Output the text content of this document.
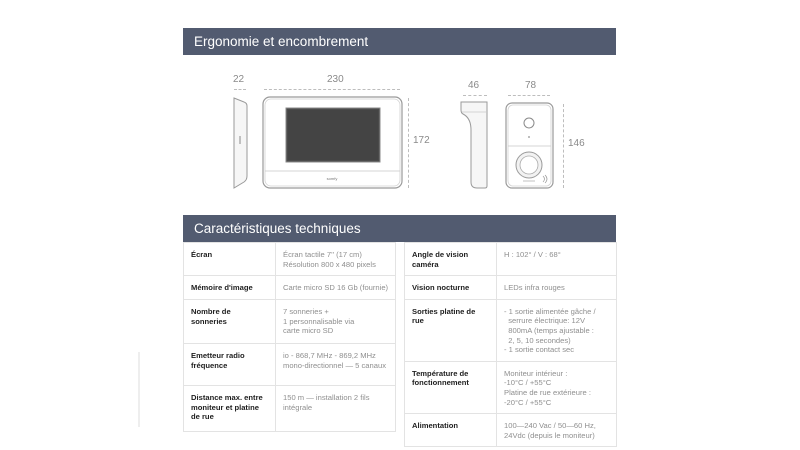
Ergonomie et encombrement
22	230
somfy
172
46	78
146
Caractéristiques techniques
Écran	Écran tactile 7'' (17 cm)
Résolution 800 x 480 pixels

Mémoire d'image	Carte micro SD 16 Gb (fournie)

Nombre de sonneries	7 sonneries +
1 personnalisable via
carte micro SD

Emetteur radio fréquence	io - 868,7 MHz - 869,2 MHz
mono-directionnel — 5 canaux

Distance max. entre moniteur et platine de rue	150 m — installation 2 fils
intégrale
Angle de vision caméra	H : 102° / V : 68°

Vision nocturne	LEDs infra rouges

Sorties platine de rue	- 1 sortie alimentée gâche /
serrure électrique: 12V
800mA (temps ajustable :
2, 5, 10 secondes)
- 1 sortie contact sec

Température de fonctionnement	Moniteur intérieur :
-10°C / +55°C
Platine de rue extérieure :
-20°C / +55°C

Alimentation	100—240 Vac / 50—60 Hz,
24Vdc (depuis le moniteur)
